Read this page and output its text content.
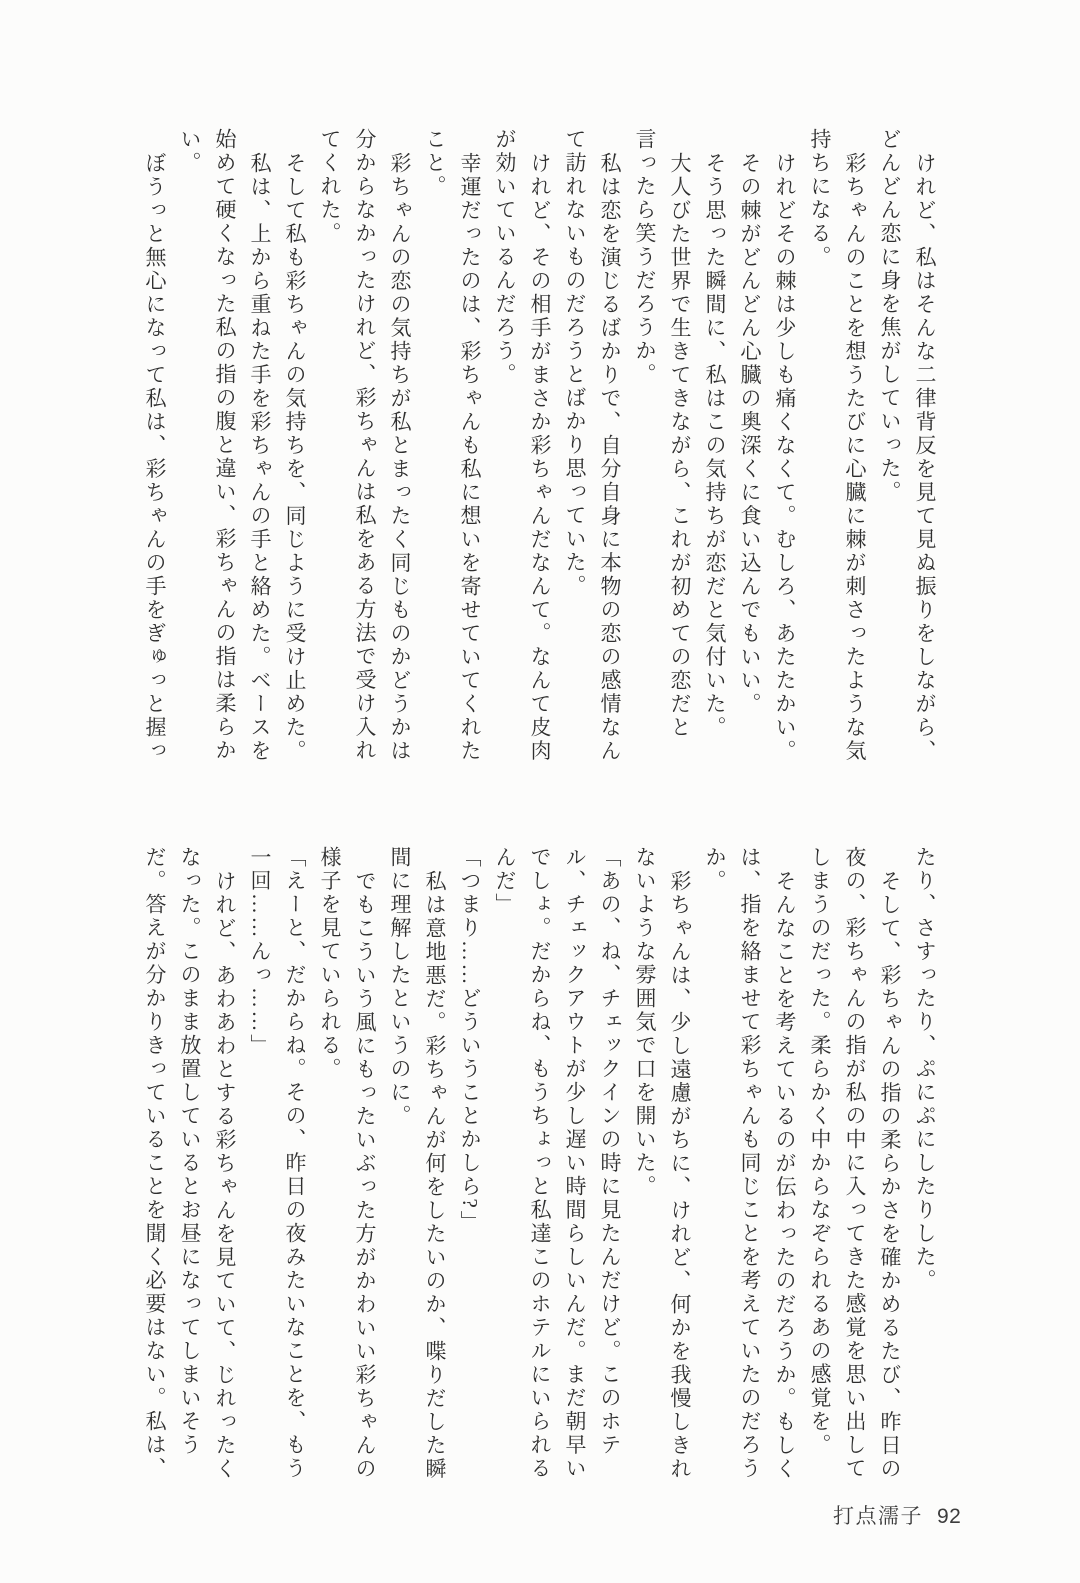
けれど、私はそんな二律背反を見て見ぬ振りをしながら、どんどん恋に身を焦がしていった。

彩ちゃんのことを想うたびに心臓に棘が刺さったような気持ちになる。

けれどその棘は少しも痛くなくて。むしろ、あたたかい。

その棘がどんどん心臓の奥深くに食い込んでもいい。

そう思った瞬間に、私はこの気持ちが恋だと気付いた。

大人びた世界で生きてきながら、これが初めての恋だと言ったら笑うだろうか。

私は恋を演じるばかりで、自分自身に本物の恋の感情なんて訪れないものだろうとばかり思っていた。

けれど、その相手がまさか彩ちゃんだなんて。なんて皮肉が効いているんだろう。

幸運だったのは、彩ちゃんも私に想いを寄せていてくれたこと。

彩ちゃんの恋の気持ちが私とまったく同じものかどうかは分からなかったけれど、彩ちゃんは私をある方法で受け入れてくれた。

そして私も彩ちゃんの気持ちを、同じように受け止めた。

私は、上から重ねた手を彩ちゃんの手と絡めた。ベースを始めて硬くなった私の指の腹と違い、彩ちゃんの指は柔らかい。

ぼうっと無心になって私は、彩ちゃんの手をぎゅっと握っ

たり、さすったり、ぷにぷにしたりした。

そして、彩ちゃんの指の柔らかさを確かめるたび、昨日の夜の、彩ちゃんの指が私の中に入ってきた感覚を思い出してしまうのだった。柔らかく中からなぞられるあの感覚を。

そんなことを考えているのが伝わったのだろうか。もしくは、指を絡ませて彩ちゃんも同じことを考えていたのだろうか。

彩ちゃんは、少し遠慮がちに、けれど、何かを我慢しきれないような雰囲気で口を開いた。

「あの、ね、チェックインの時に見たんだけど。このホテル、チェックアウトが少し遅い時間らしいんだ。まだ朝早いでしょ。だからね、もうちょっと私達このホテルにいられるんだ」

「つまり……どういうことかしら?」

私は意地悪だ。彩ちゃんが何をしたいのか、喋りだした瞬間に理解したというのに。

でもこういう風にもったいぶった方がかわいい彩ちゃんの様子を見ていられる。

「えーと、だからね。その、昨日の夜みたいなことを、もう一回……んっ……」

けれど、あわあわとする彩ちゃんを見ていて、じれったくなった。このまま放置しているとお昼になってしまいそうだ。答えが分かりきっていることを聞く必要はない。私は、

打点濡子 92
